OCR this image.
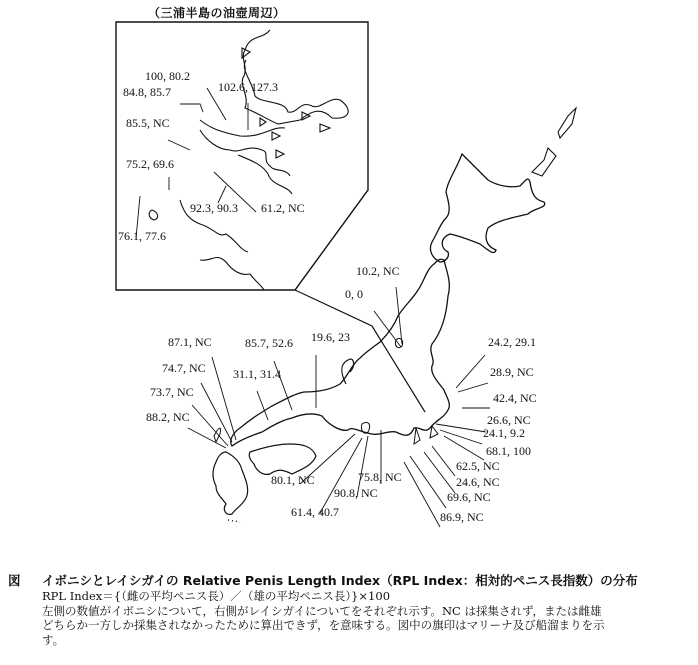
（三浦半島の油壺周辺）
100, 80.2
102.6, 127.3
84.8, 85.7
85.5, NC
75.2, 69.6
92.3, 90.3 61.2, NC
76.1, 77.6
10.2, NC
0, 0
87.1, NC	85.7, 52.6 19.6, 23	24.2, 29.1
74.7, NC 31.1, 31.4	28.9, NC
73.7, NC	42.4, NC
88.2, NC	26.6, NC
24.1, 9.2
68.1, 100
62.5, NC
24.6, NC
80.1, NC	75.8, NC
90.8, NC	69.6, NC
61.4, 40.7	86.9, NC
図 イボニシとレイシガイの Relative Penis Length Index（RPL Index：相対的ペニス長指数）の分布
RPL Index＝{（雌の平均ペニス長）／（雄の平均ペニス長）}×100
左側の数値がイボニシについて，右側がレイシガイについてをそれぞれ示す。NC は採集されず，または雌雄
どちらか一方しか採集されなかったために算出できず，を意味する。図中の旗印はマリーナ及び船溜まりを示
す。
